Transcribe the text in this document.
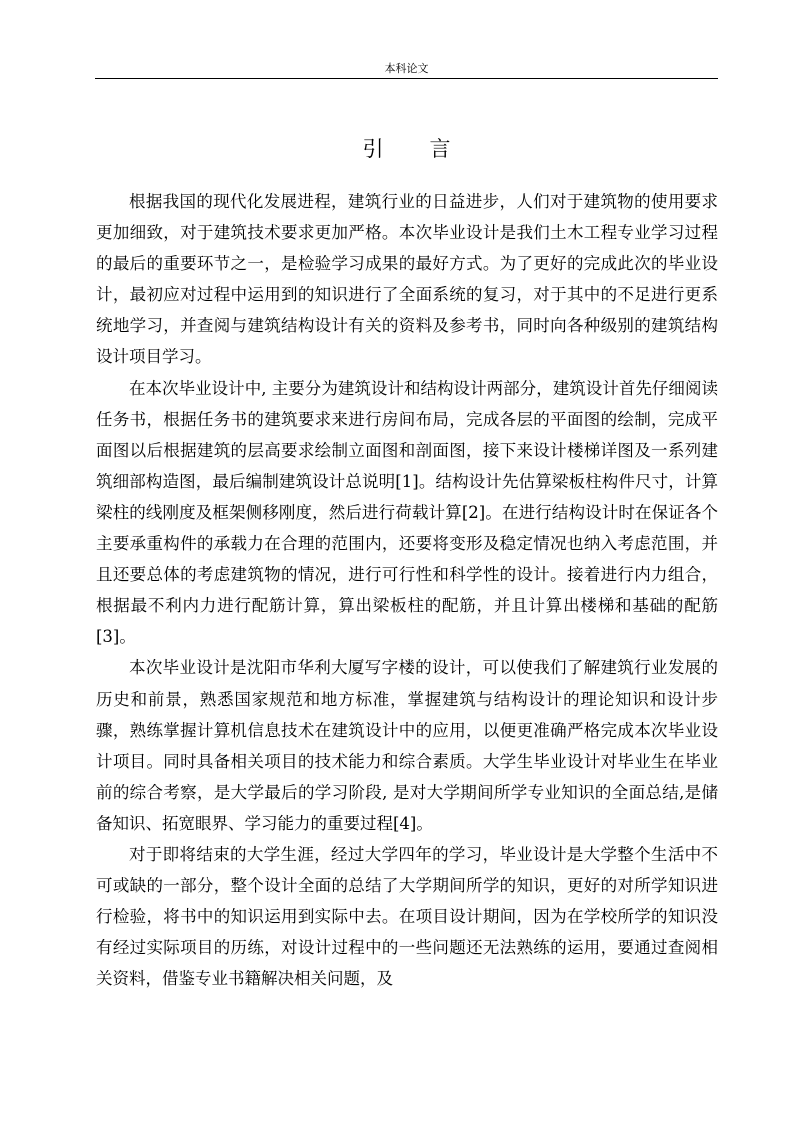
本科论文
引 言

根据我国的现代化发展进程，建筑行业的日益进步，人们对于建筑物的使用要求更加细致，对于建筑技术要求更加严格。本次毕业设计是我们土木工程专业学习过程的最后的重要环节之一，是检验学习成果的最好方式。为了更好的完成此次的毕业设计，最初应对过程中运用到的知识进行了全面系统的复习，对于其中的不足进行更系统地学习，并查阅与建筑结构设计有关的资料及参考书，同时向各种级别的建筑结构设计项目学习。

在本次毕业设计中, 主要分为建筑设计和结构设计两部分，建筑设计首先仔细阅读任务书，根据任务书的建筑要求来进行房间布局，完成各层的平面图的绘制，完成平面图以后根据建筑的层高要求绘制立面图和剖面图，接下来设计楼梯详图及一系列建筑细部构造图，最后编制建筑设计总说明[1]。结构设计先估算梁板柱构件尺寸，计算梁柱的线刚度及框架侧移刚度，然后进行荷载计算[2]。在进行结构设计时在保证各个主要承重构件的承载力在合理的范围内，还要将变形及稳定情况也纳入考虑范围，并且还要总体的考虑建筑物的情况，进行可行性和科学性的设计。接着进行内力组合，根据最不利内力进行配筋计算，算出梁板柱的配筋，并且计算出楼梯和基础的配筋[3]。

本次毕业设计是沈阳市华利大厦写字楼的设计，可以使我们了解建筑行业发展的历史和前景，熟悉国家规范和地方标准，掌握建筑与结构设计的理论知识和设计步骤，熟练掌握计算机信息技术在建筑设计中的应用，以便更准确严格完成本次毕业设计项目。同时具备相关项目的技术能力和综合素质。大学生毕业设计对毕业生在毕业前的综合考察，是大学最后的学习阶段, 是对大学期间所学专业知识的全面总结,是储备知识、拓宽眼界、学习能力的重要过程[4]。

对于即将结束的大学生涯，经过大学四年的学习，毕业设计是大学整个生活中不可或缺的一部分，整个设计全面的总结了大学期间所学的知识，更好的对所学知识进行检验，将书中的知识运用到实际中去。在项目设计期间，因为在学校所学的知识没有经过实际项目的历练，对设计过程中的一些问题还无法熟练的运用，要通过查阅相关资料，借鉴专业书籍解决相关问题，及
